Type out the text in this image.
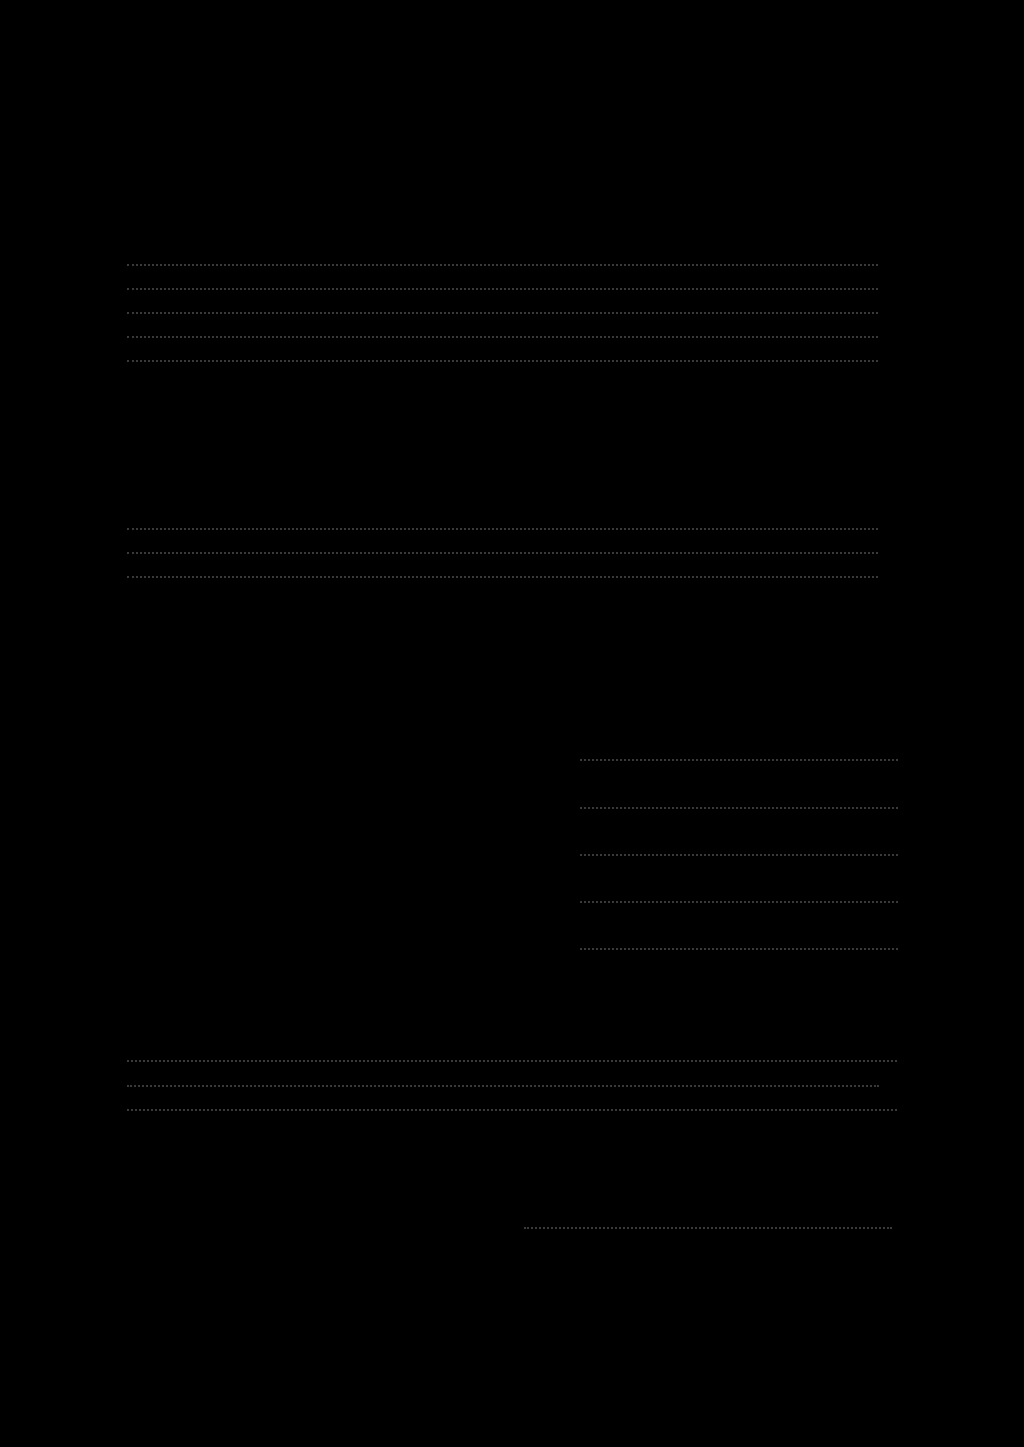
Oferta uzyskała pozytywną ocenę merytoryczną i została zakwalifikowana do Programu*),
Oferta wymaga korekty / uzupełnienia / wyjaśnienia*)
Oferta uzyskała negatywną ocenę merytoryczną i nie została zakwalifikowana do Programu*)
Przyczyna odrzucenia:
*) niepotrzebne skreślić
Wrocław, dnia………………………
1)
2)
3)
4)
5)
Podpisy członków Komisji sporządzających ocenę
Uwagi dotyczące korekty, uzupełnienia lub wyjaśnienia informacji zawartych w ofercie lub
załącznikach:
Data i podpis osoby prowadzącej postępowanie
